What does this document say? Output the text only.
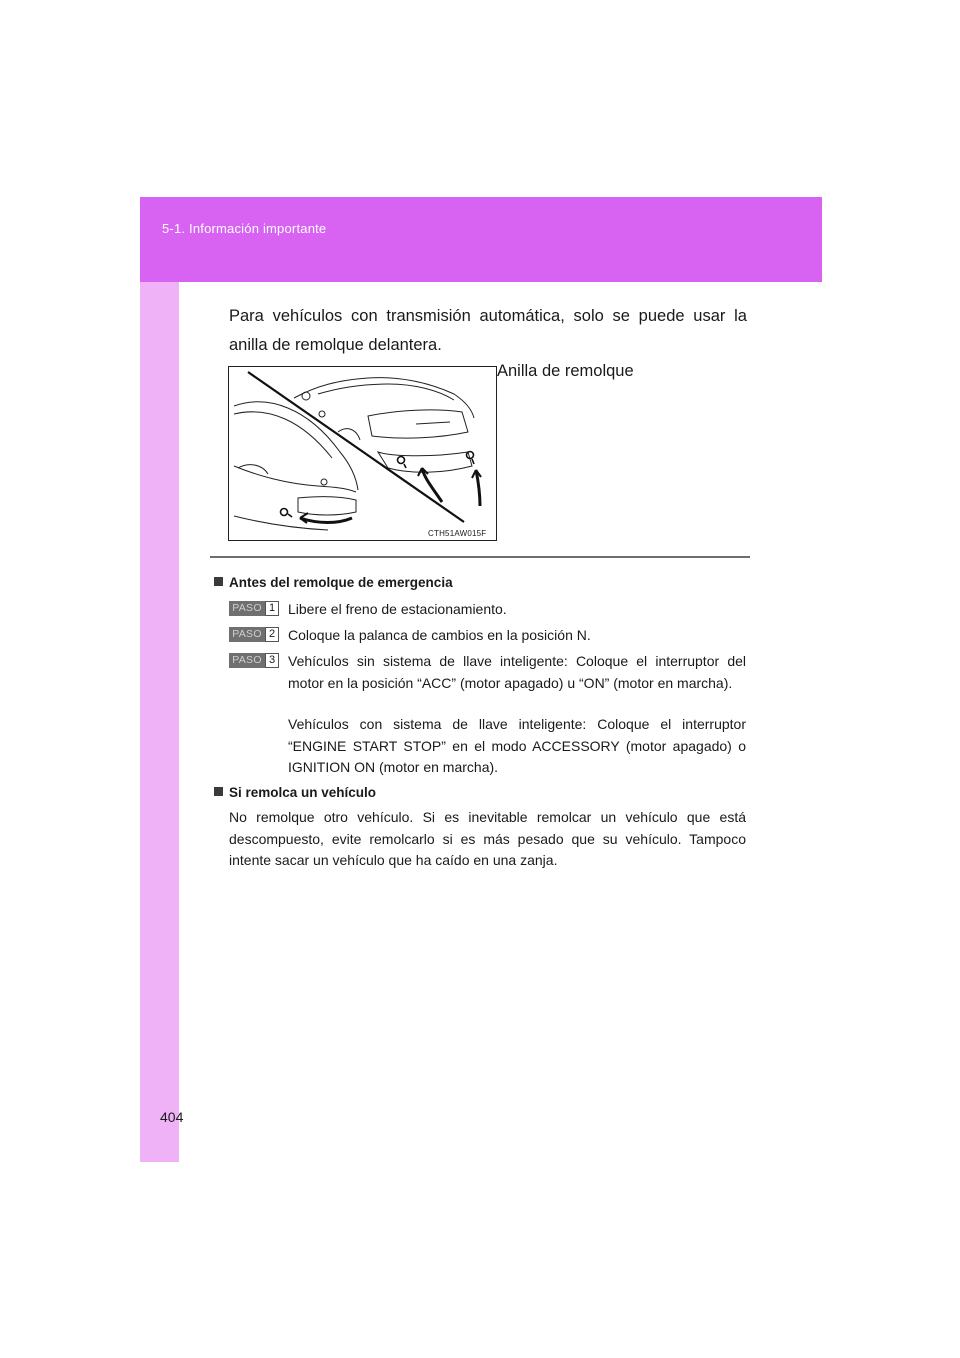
5-1. Información importante
Para vehículos con transmisión automática, solo se puede usar la anilla de remolque delantera.
CTH51AW015F
Anilla de remolque
Antes del remolque de emergencia
PASO 1 Libere el freno de estacionamiento.
PASO 2 Coloque la palanca de cambios en la posición N.
PASO 3 Vehículos sin sistema de llave inteligente: Coloque el interruptor del motor en la posición “ACC” (motor apagado) u “ON” (motor en marcha).
Vehículos con sistema de llave inteligente: Coloque el interruptor “ENGINE START STOP” en el modo ACCESSORY (motor apagado) o IGNITION ON (motor en marcha).
Si remolca un vehículo
No remolque otro vehículo. Si es inevitable remolcar un vehículo que está descompuesto, evite remolcarlo si es más pesado que su vehículo. Tampoco intente sacar un vehículo que ha caído en una zanja.
404
